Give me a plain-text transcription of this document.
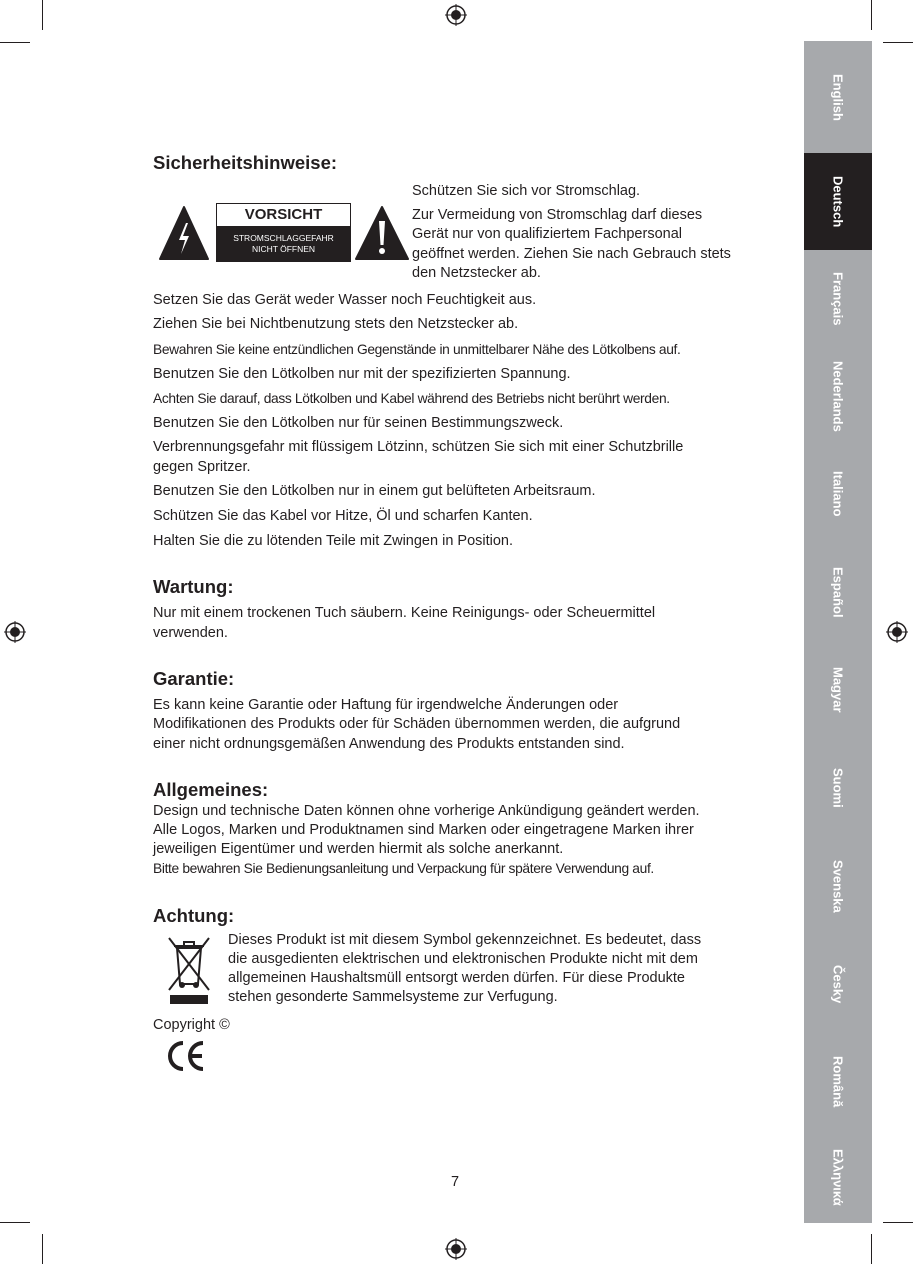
English
Deutsch
Français
Nederlands
Italiano
Español
Magyar
Suomi
Svenska
Česky
Română
Ελληνικά
Sicherheitshinweise:
VORSICHT
STROMSCHLAGGEFAHR
NICHT ÖFFNEN

Schützen Sie sich vor Stromschlag.

Zur Vermeidung von Stromschlag darf dieses

Gerät nur von qualifiziertem Fachpersonal

geöffnet werden. Ziehen Sie nach Gebrauch stets

den Netzstecker ab.

Setzen Sie das Gerät weder Wasser noch Feuchtigkeit aus.

Ziehen Sie bei Nichtbenutzung stets den Netzstecker ab.

Bewahren Sie keine entzündlichen Gegenstände in unmittelbarer Nähe des Lötkolbens auf.

Benutzen Sie den Lötkolben nur mit der spezifizierten Spannung.

Achten Sie darauf, dass Lötkolben und Kabel während des Betriebs nicht berührt werden.

Benutzen Sie den Lötkolben nur für seinen Bestimmungszweck.

Verbrennungsgefahr mit flüssigem Lötzinn, schützen Sie sich mit einer Schutzbrille

gegen Spritzer.

Benutzen Sie den Lötkolben nur in einem gut belüfteten Arbeitsraum.

Schützen Sie das Kabel vor Hitze, Öl und scharfen Kanten.

Halten Sie die zu lötenden Teile mit Zwingen in Position.

Wartung:

Nur mit einem trockenen Tuch säubern. Keine Reinigungs- oder Scheuermittel

verwenden.

Garantie:

Es kann keine Garantie oder Haftung für irgendwelche Änderungen oder

Modifikationen des Produkts oder für Schäden übernommen werden, die aufgrund

einer nicht ordnungsgemäßen Anwendung des Produkts entstanden sind.

Allgemeines:

Design und technische Daten können ohne vorherige Ankündigung geändert werden.

Alle Logos, Marken und Produktnamen sind Marken oder eingetragene Marken ihrer

jeweiligen Eigentümer und werden hiermit als solche anerkannt.

Bitte bewahren Sie Bedienungsanleitung und Verpackung für spätere Verwendung auf.

Achtung:

Dieses Produkt ist mit diesem Symbol gekennzeichnet. Es bedeutet, dass

die ausgedienten elektrischen und elektronischen Produkte nicht mit dem

allgemeinen Haushaltsmüll entsorgt werden dürfen. Für diese Produkte

stehen gesonderte Sammelsysteme zur Verfugung.

Copyright ©

7
